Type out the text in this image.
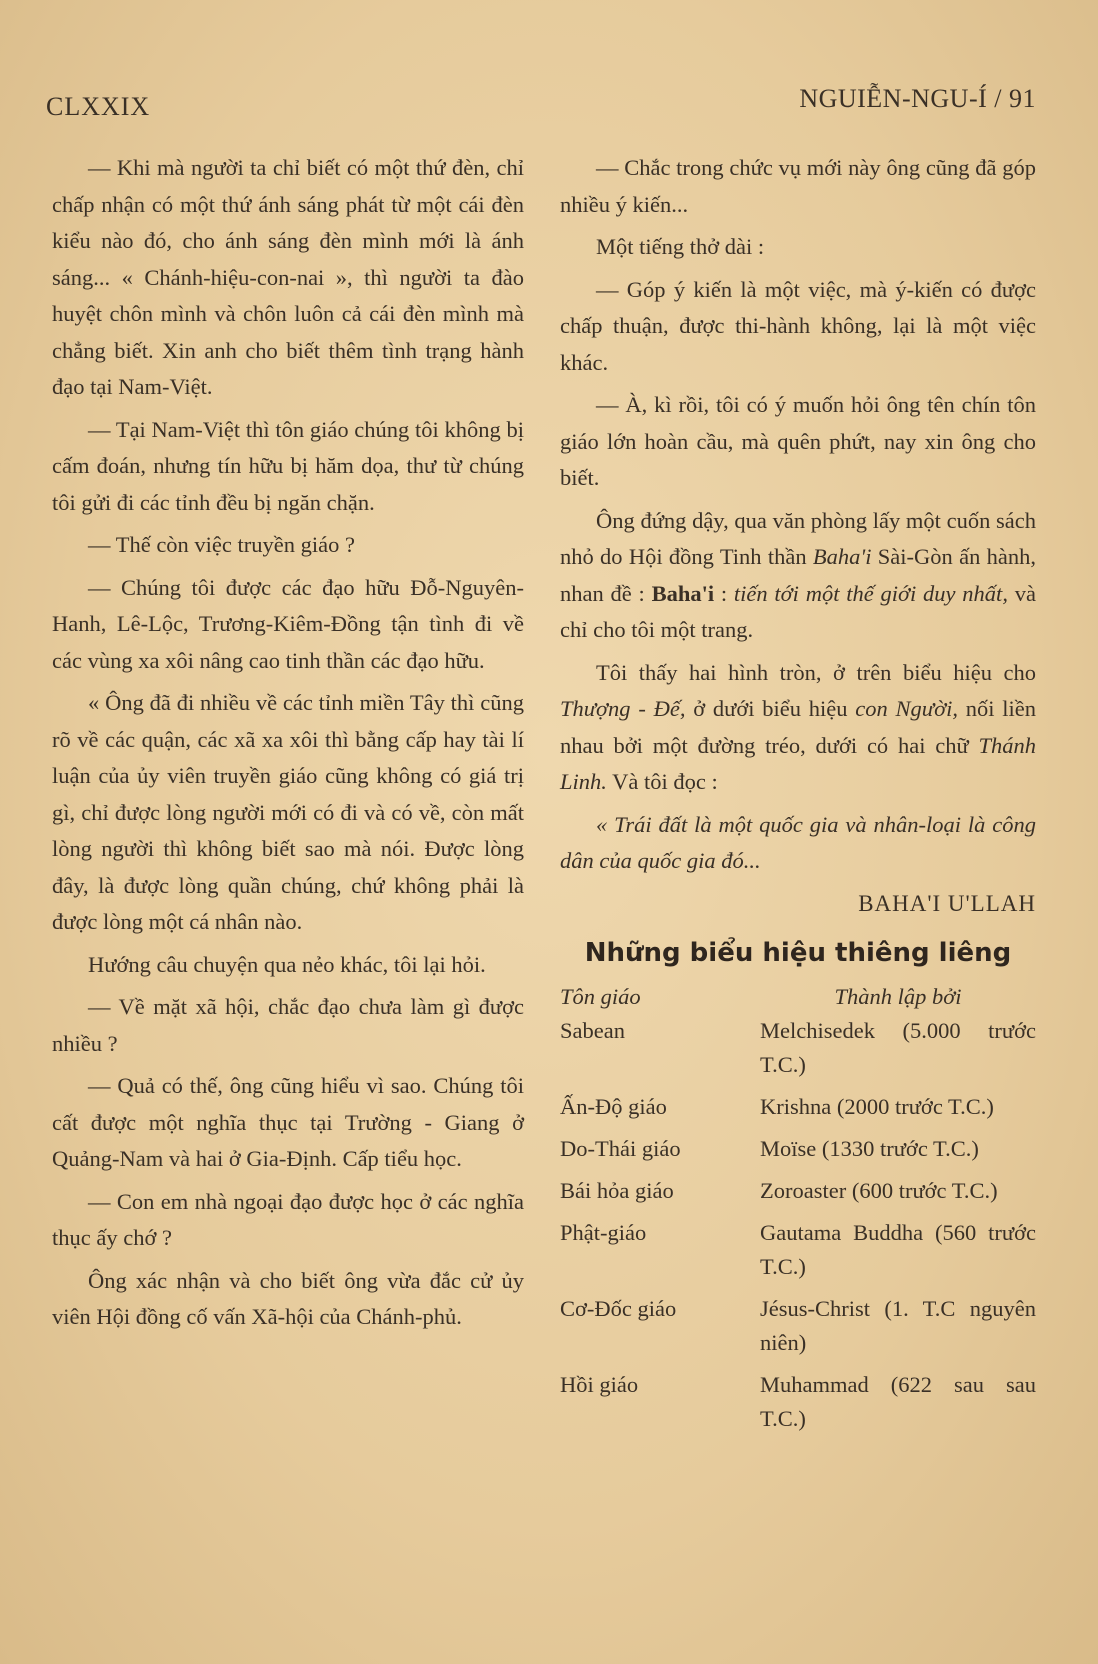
CLXXIX	NGUIỄN-NGU-Í / 91

— Khi mà người ta chỉ biết có một thứ đèn, chỉ chấp nhận có một thứ ánh sáng phát từ một cái đèn kiểu nào đó, cho ánh sáng đèn mình mới là ánh sáng... « Chánh-hiệu-con-nai », thì người ta đào huyệt chôn mình và chôn luôn cả cái đèn mình mà chẳng biết. Xin anh cho biết thêm tình trạng hành đạo tại Nam-Việt.

— Tại Nam-Việt thì tôn giáo chúng tôi không bị cấm đoán, nhưng tín hữu bị hăm dọa, thư từ chúng tôi gửi đi các tỉnh đều bị ngăn chặn.

— Thế còn việc truyền giáo ?

— Chúng tôi được các đạo hữu Đỗ-Nguyên-Hanh, Lê-Lộc, Trương-Kiêm-Đồng tận tình đi về các vùng xa xôi nâng cao tinh thần các đạo hữu.

« Ông đã đi nhiều về các tỉnh miền Tây thì cũng rõ về các quận, các xã xa xôi thì bằng cấp hay tài lí luận của ủy viên truyền giáo cũng không có giá trị gì, chỉ được lòng người mới có đi và có về, còn mất lòng người thì không biết sao mà nói. Được lòng đây, là được lòng quần chúng, chứ không phải là được lòng một cá nhân nào.

Hướng câu chuyện qua nẻo khác, tôi lại hỏi.

— Về mặt xã hội, chắc đạo chưa làm gì được nhiều ?

— Quả có thế, ông cũng hiểu vì sao. Chúng tôi cất được một nghĩa thục tại Trường - Giang ở Quảng-Nam và hai ở Gia-Định. Cấp tiểu học.

— Con em nhà ngoại đạo được học ở các nghĩa thục ấy chớ ?

Ông xác nhận và cho biết ông vừa đắc cử ủy viên Hội đồng cố vấn Xã-hội của Chánh-phủ.

— Chắc trong chức vụ mới này ông cũng đã góp nhiều ý kiến...

Một tiếng thở dài :

— Góp ý kiến là một việc, mà ý-kiến có được chấp thuận, được thi-hành không, lại là một việc khác.

— À, kì rồi, tôi có ý muốn hỏi ông tên chín tôn giáo lớn hoàn cầu, mà quên phứt, nay xin ông cho biết.

Ông đứng dậy, qua văn phòng lấy một cuốn sách nhỏ do Hội đồng Tinh thần Baha'i Sài-Gòn ấn hành, nhan đề : Baha'i : tiến tới một thế giới duy nhất, và chỉ cho tôi một trang.

Tôi thấy hai hình tròn, ở trên biểu hiệu cho Thượng - Đế, ở dưới biểu hiệu con Người, nối liền nhau bởi một đường tréo, dưới có hai chữ Thánh Linh. Và tôi đọc :

« Trái đất là một quốc gia và nhân-loại là công dân của quốc gia đó...

BAHA'I U'LLAH
Những biểu hiệu thiêng liêng
Tôn giáo	Thành lập bởi
Sabean	Melchisedek (5.000 trước T.C.)
Ấn-Độ giáo	Krishna (2000 trước T.C.)
Do-Thái giáo	Moïse (1330 trước T.C.)
Bái hỏa giáo	Zoroaster (600 trước T.C.)
Phật-giáo	Gautama Buddha (560 trước T.C.)
Cơ-Đốc giáo	Jésus-Christ (1. T.C nguyên niên)
Hồi giáo	Muhammad (622 sau sau T.C.)
